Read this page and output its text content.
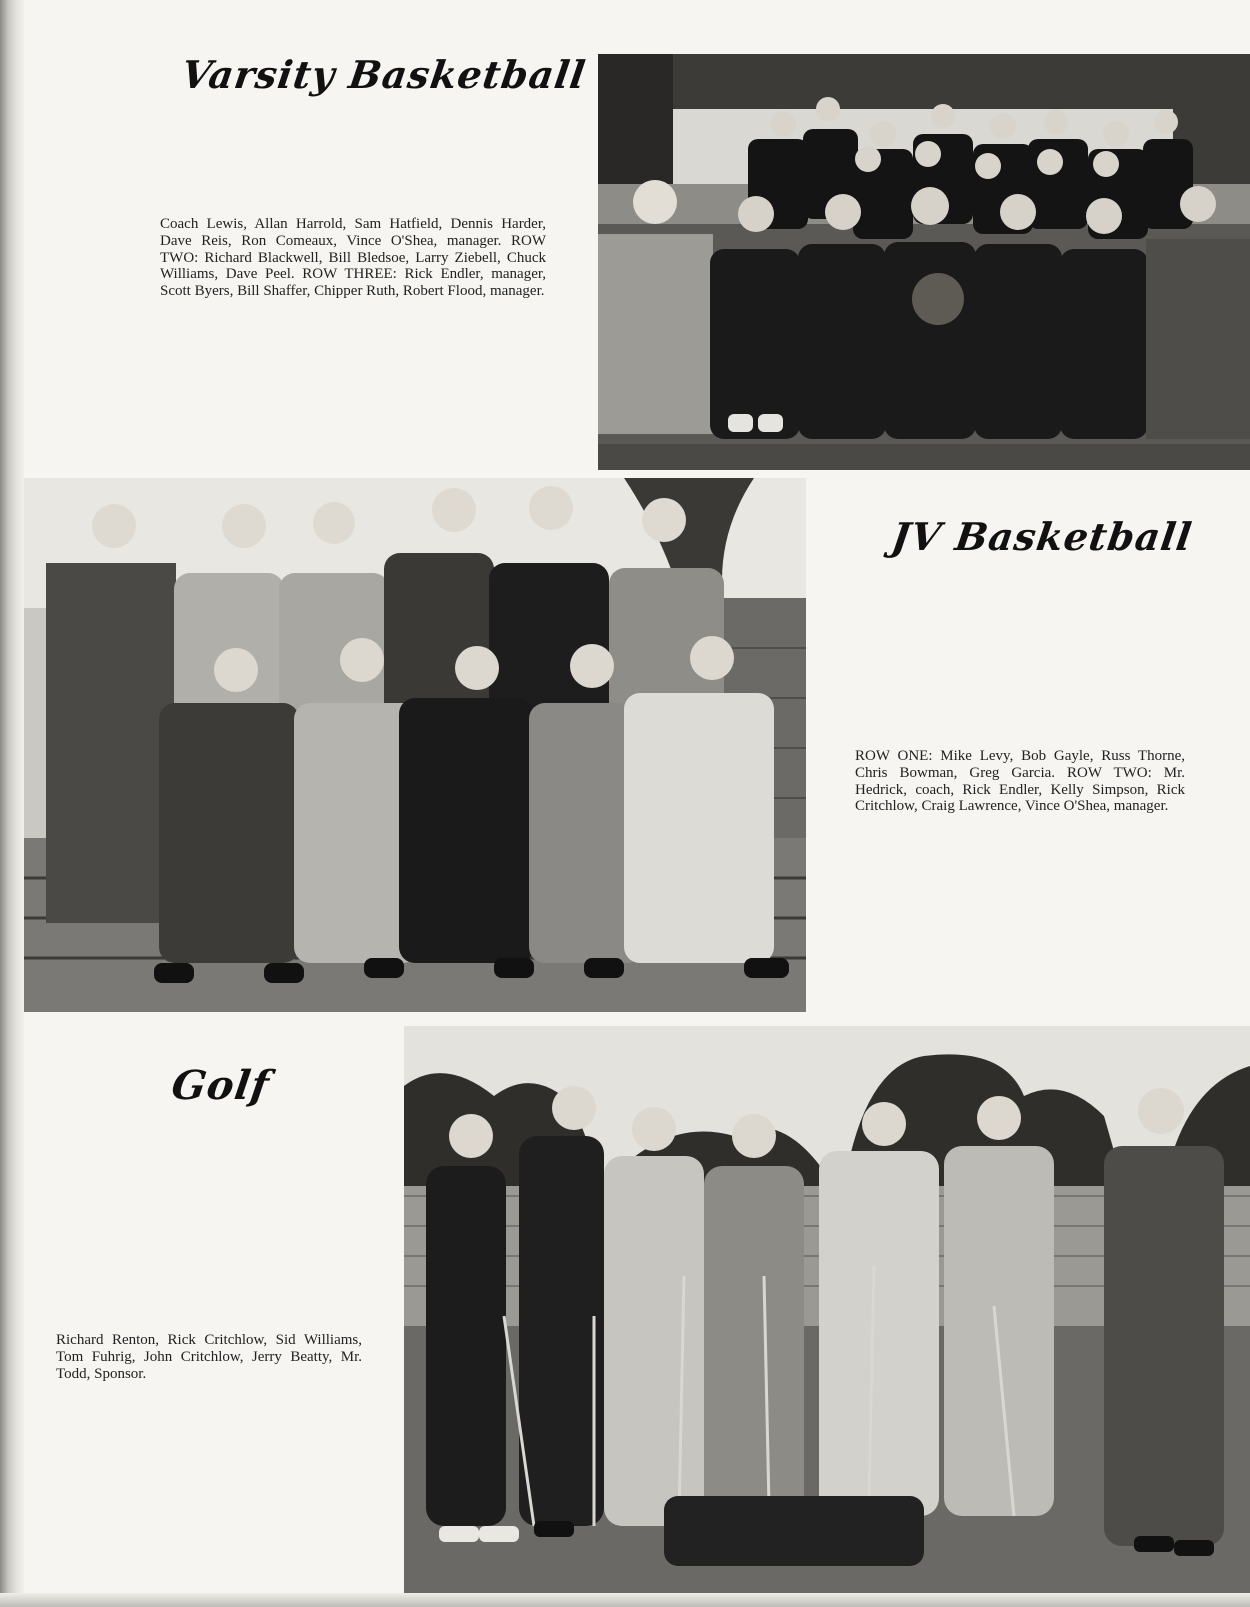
Varsity Basketball
Coach Lewis, Allan Harrold, Sam Hatfield, Dennis Harder, Dave Reis, Ron Comeaux, Vince O'Shea, manager. ROW TWO: Richard Blackwell, Bill Bledsoe, Larry Ziebell, Chuck Williams, Dave Peel. ROW THREE: Rick Endler, manager, Scott Byers, Bill Shaffer, Chipper Ruth, Robert Flood, manager.
JV Basketball
ROW ONE: Mike Levy, Bob Gayle, Russ Thorne, Chris Bowman, Greg Garcia. ROW TWO: Mr. Hedrick, coach, Rick Endler, Kelly Simpson, Rick Critchlow, Craig Lawrence, Vince O'Shea, manager.
Golf
Richard Renton, Rick Critchlow, Sid Williams, Tom Fuhrig, John Critchlow, Jerry Beatty, Mr. Todd, Sponsor.
